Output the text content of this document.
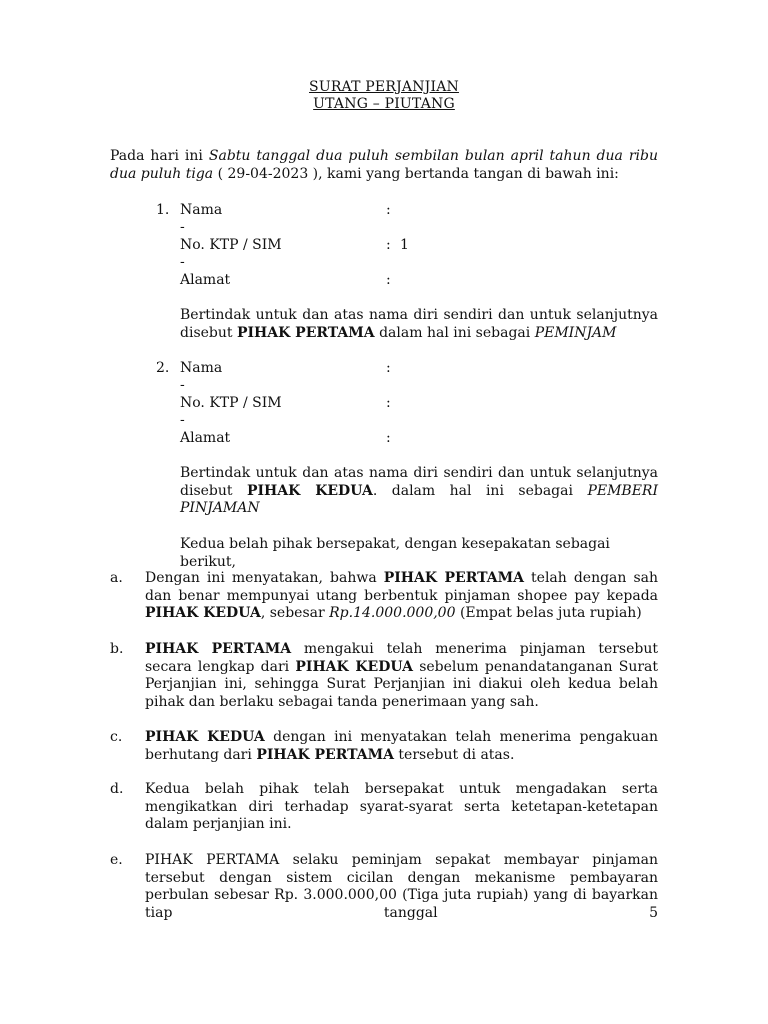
SURAT PERJANJIAN
UTANG – PIUTANG
Pada hari ini Sabtu tanggal dua puluh sembilan bulan april tahun dua ribu dua puluh tiga ( 29-04-2023 ), kami yang bertanda tangan di bawah ini:
1. Nama	:
-
No. KTP / SIM	: 1
-
Alamat	:
Bertindak untuk dan atas nama diri sendiri dan untuk selanjutnya disebut PIHAK PERTAMA dalam hal ini sebagai PEMINJAM
2. Nama	:
-
No. KTP / SIM	:
-
Alamat	:
Bertindak untuk dan atas nama diri sendiri dan untuk selanjutnya disebut PIHAK KEDUA. dalam hal ini sebagai PEMBERI PINJAMAN
Kedua belah pihak bersepakat, dengan kesepakatan sebagai berikut,
a. Dengan ini menyatakan, bahwa PIHAK PERTAMA telah dengan sah dan benar mempunyai utang berbentuk pinjaman shopee pay kepada PIHAK KEDUA, sebesar Rp.14.000.000,00 (Empat belas juta rupiah)
b. PIHAK PERTAMA mengakui telah menerima pinjaman tersebut secara lengkap dari PIHAK KEDUA sebelum penandatanganan Surat Perjanjian ini, sehingga Surat Perjanjian ini diakui oleh kedua belah pihak dan berlaku sebagai tanda penerimaan yang sah.
c. PIHAK KEDUA dengan ini menyatakan telah menerima pengakuan berhutang dari PIHAK PERTAMA tersebut di atas.
d. Kedua belah pihak telah bersepakat untuk mengadakan serta mengikatkan diri terhadap syarat-syarat serta ketetapan-ketetapan dalam perjanjian ini.
e. PIHAK PERTAMA selaku peminjam sepakat membayar pinjaman tersebut dengan sistem cicilan dengan mekanisme pembayaran perbulan sebesar Rp. 3.000.000,00 (Tiga juta rupiah) yang di bayarkan tiap tanggal 5
